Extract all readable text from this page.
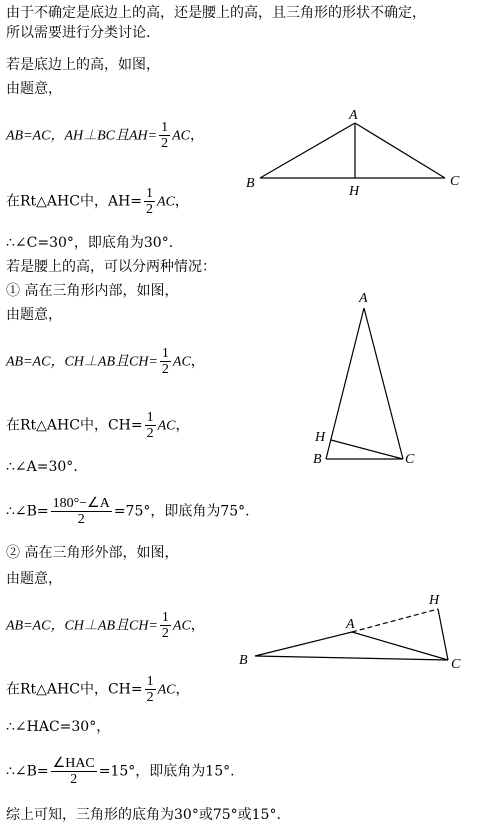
由于不确定是底边上的高，还是腰上的高，且三角形的形状不确定，
所以需要进行分类讨论.
若是底边上的高，如图，
由题意，
AB=AC，AH⊥BC且$AH= \frac{1}{2}$ AC，
在Rt△AHC中，$AH= \frac{1}{2}$ AC，
∴∠C=30°，即底角为30°.
若是腰上的高，可以分两种情况：
① 高在三角形内部，如图，
由题意，
AB=AC，CH⊥AB且$CH= \frac{1}{2}$ AC，
在Rt△AHC中，$CH= \frac{1}{2}$ AC，
∴∠A=30°.
∴∠B= $\frac{180^\circ-\angle A}{2} =75^\circ$，即底角为75°.
② 高在三角形外部，如图，
由题意，
AB=AC，CH⊥AB且$CH= \frac{1}{2}$ AC，
在Rt△AHC中，$CH= \frac{1}{2}$ AC，
∴∠HAC=30°，
∴∠B= $\frac{\text{∠HAC}}{2} =15^\circ$，即底角为15°.
综上可知，三角形的底角为30°或75°或15°.
A
B	C
H
A
B	C
H
A
B	C
H
